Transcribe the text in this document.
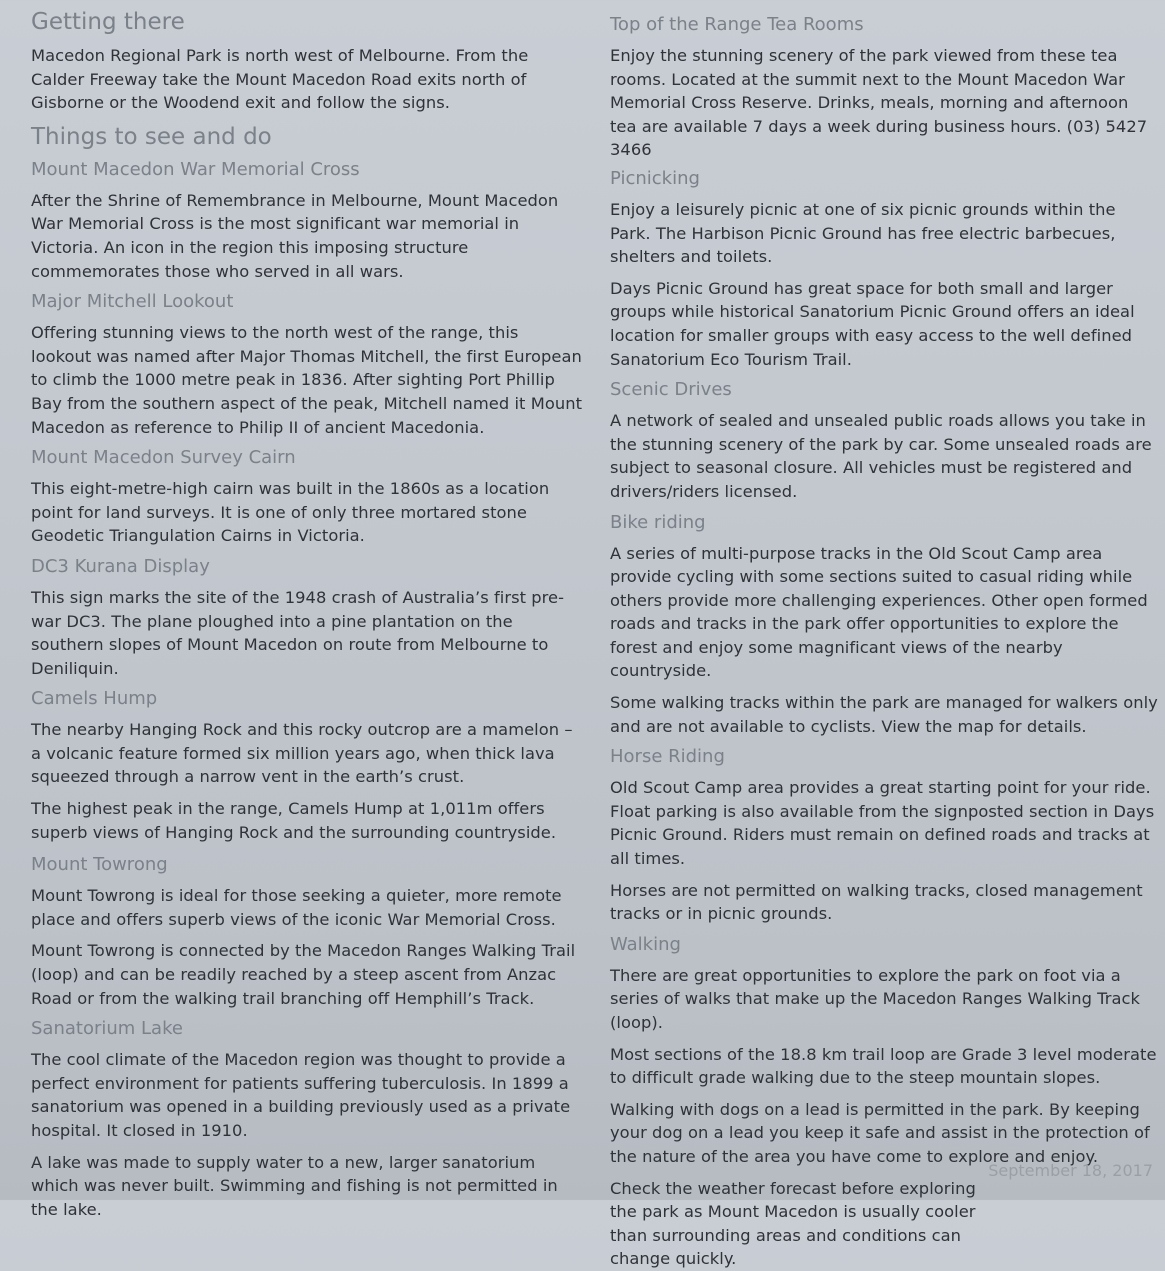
Getting there

Macedon Regional Park is north west of Melbourne. From the Calder Freeway take the Mount Macedon Road exits north of Gisborne or the Woodend exit and follow the signs.

Things to see and do
Mount Macedon War Memorial Cross

After the Shrine of Remembrance in Melbourne, Mount Macedon War Memorial Cross is the most significant war memorial in Victoria. An icon in the region this imposing structure commemorates those who served in all wars.

Major Mitchell Lookout

Offering stunning views to the north west of the range, this lookout was named after Major Thomas Mitchell, the first European to climb the 1000 metre peak in 1836. After sighting Port Phillip Bay from the southern aspect of the peak, Mitchell named it Mount Macedon as reference to Philip II of ancient Macedonia.

Mount Macedon Survey Cairn

This eight-metre-high cairn was built in the 1860s as a location point for land surveys. It is one of only three mortared stone Geodetic Triangulation Cairns in Victoria.

DC3 Kurana Display

This sign marks the site of the 1948 crash of Australia’s first pre-war DC3. The plane ploughed into a pine plantation on the southern slopes of Mount Macedon on route from Melbourne to Deniliquin.

Camels Hump

The nearby Hanging Rock and this rocky outcrop are a mamelon – a volcanic feature formed six million years ago, when thick lava squeezed through a narrow vent in the earth’s crust.

The highest peak in the range, Camels Hump at 1,011m offers superb views of Hanging Rock and the surrounding countryside.

Mount Towrong

Mount Towrong is ideal for those seeking a quieter, more remote place and offers superb views of the iconic War Memorial Cross.

Mount Towrong is connected by the Macedon Ranges Walking Trail (loop) and can be readily reached by a steep ascent from Anzac Road or from the walking trail branching off Hemphill’s Track.

Sanatorium Lake

The cool climate of the Macedon region was thought to provide a perfect environment for patients suffering tuberculosis. In 1899 a sanatorium was opened in a building previously used as a private hospital. It closed in 1910.

A lake was made to supply water to a new, larger sanatorium which was never built. Swimming and fishing is not permitted in the lake.

Top of the Range Tea Rooms

Enjoy the stunning scenery of the park viewed from these tea rooms. Located at the summit next to the Mount Macedon War Memorial Cross Reserve. Drinks, meals, morning and afternoon tea are available 7 days a week during business hours. (03) 5427 3466

Picnicking

Enjoy a leisurely picnic at one of six picnic grounds within the Park. The Harbison Picnic Ground has free electric barbecues, shelters and toilets.

Days Picnic Ground has great space for both small and larger groups while historical Sanatorium Picnic Ground offers an ideal location for smaller groups with easy access to the well defined Sanatorium Eco Tourism Trail.

Scenic Drives

A network of sealed and unsealed public roads allows you take in the stunning scenery of the park by car. Some unsealed roads are subject to seasonal closure. All vehicles must be registered and drivers/riders licensed.

Bike riding

A series of multi-purpose tracks in the Old Scout Camp area provide cycling with some sections suited to casual riding while others provide more challenging experiences. Other open formed roads and tracks in the park offer opportunities to explore the forest and enjoy some magnificant views of the nearby countryside.

Some walking tracks within the park are managed for walkers only and are not available to cyclists. View the map for details.

Horse Riding

Old Scout Camp area provides a great starting point for your ride. Float parking is also available from the signposted section in Days Picnic Ground. Riders must remain on defined roads and tracks at all times.

Horses are not permitted on walking tracks, closed management tracks or in picnic grounds.

Walking

There are great opportunities to explore the park on foot via a series of walks that make up the Macedon Ranges Walking Track (loop).

Most sections of the 18.8 km trail loop are Grade 3 level moderate to difficult grade walking due to the steep mountain slopes.

Walking with dogs on a lead is permitted in the park. By keeping your dog on a lead you keep it safe and assist in the protection of the nature of the area you have come to explore and enjoy.

Check the weather forecast before exploring the park as Mount Macedon is usually cooler than surrounding areas and conditions can change quickly.

September 18, 2017
